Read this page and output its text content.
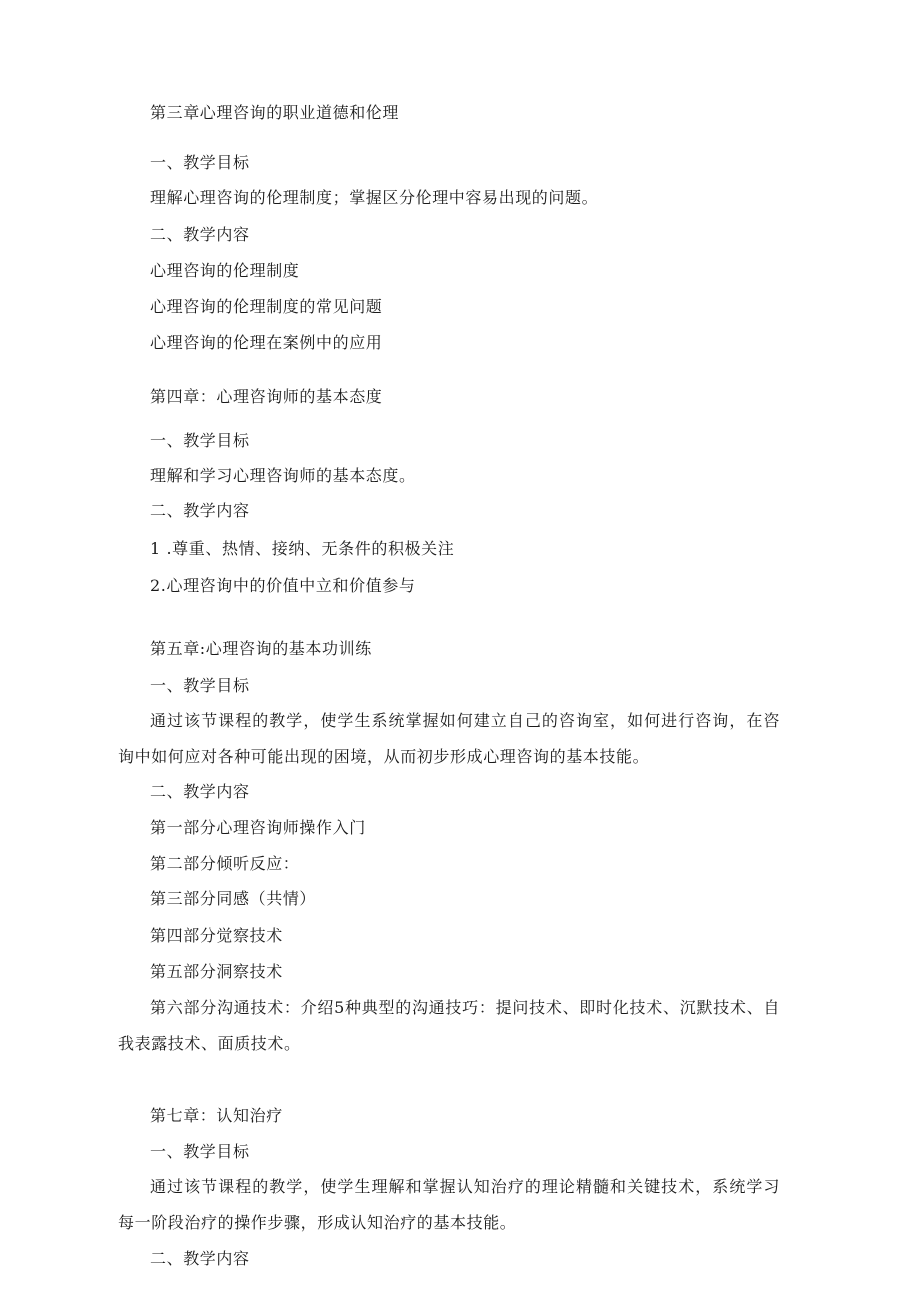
第三章心理咨询的职业道德和伦理
一、教学目标
理解心理咨询的伦理制度；掌握区分伦理中容易出现的问题。
二、教学内容
心理咨询的伦理制度
心理咨询的伦理制度的常见问题
心理咨询的伦理在案例中的应用
第四章：心理咨询师的基本态度
一、教学目标
理解和学习心理咨询师的基本态度。
二、教学内容
1 .尊重、热情、接纳、无条件的积极关注
2.心理咨询中的价值中立和价值参与
第五章:心理咨询的基本功训练
一、教学目标
通过该节课程的教学，使学生系统掌握如何建立自己的咨询室，如何进行咨询，在咨询中如何应对各种可能出现的困境，从而初步形成心理咨询的基本技能。
二、教学内容
第一部分心理咨询师操作入门
第二部分倾听反应：
第三部分同感（共情）
第四部分觉察技术
第五部分洞察技术
第六部分沟通技术：介绍5种典型的沟通技巧：提问技术、即时化技术、沉默技术、自我表露技术、面质技术。
第七章：认知治疗
一、教学目标
通过该节课程的教学，使学生理解和掌握认知治疗的理论精髓和关键技术，系统学习每一阶段治疗的操作步骤，形成认知治疗的基本技能。
二、教学内容
